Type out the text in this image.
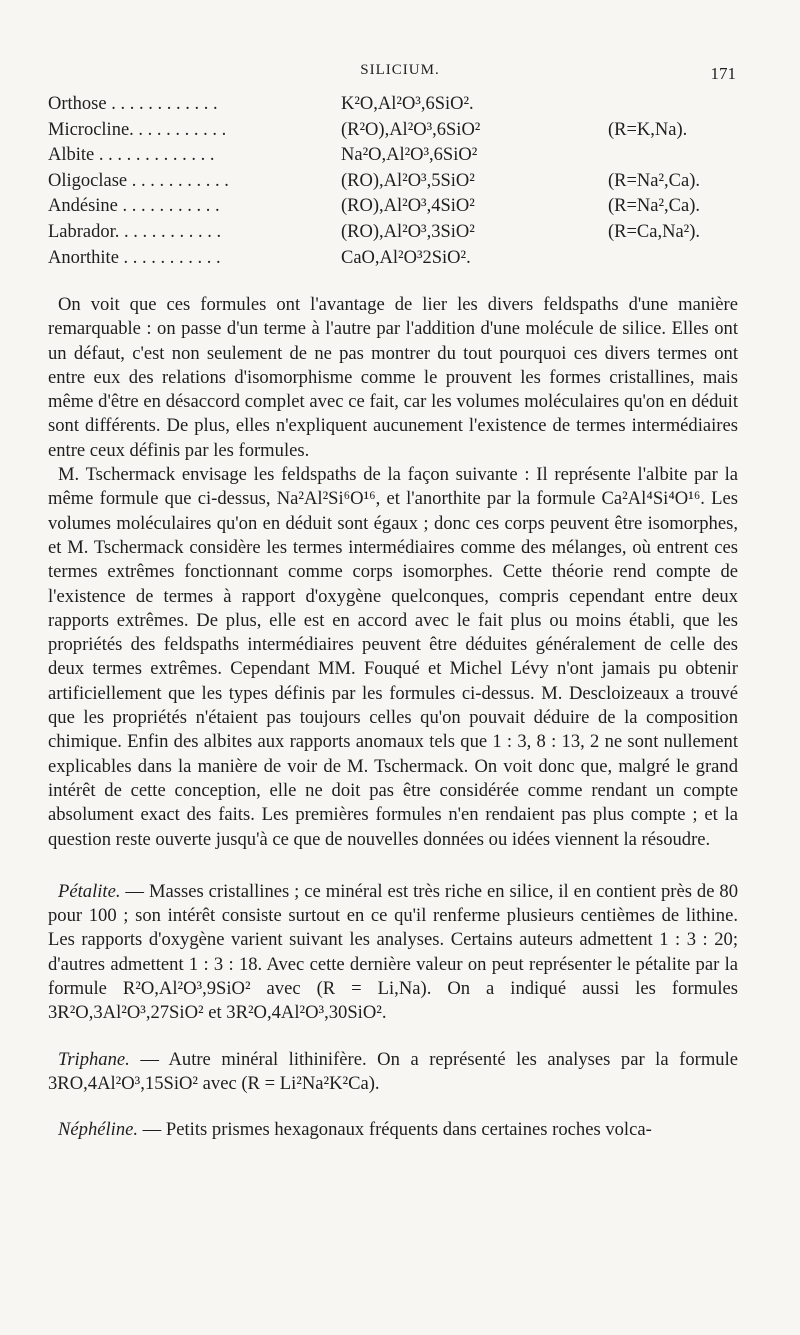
SILICIUM.	171
Orthose . . . . . . . . . . . .	K²O,Al²O³,6SiO².
Microcline. . . . . . . . . . .	(R²O),Al²O³,6SiO²	(R=K,Na).
Albite . . . . . . . . . . . . .	Na²O,Al²O³,6SiO²
Oligoclase . . . . . . . . . . .	(RO),Al²O³,5SiO²	(R=Na²,Ca).
Andésine . . . . . . . . . . .	(RO),Al²O³,4SiO²	(R=Na²,Ca).
Labrador. . . . . . . . . . . .	(RO),Al²O³,3SiO²	(R=Ca,Na²).
Anorthite . . . . . . . . . . .	CaO,Al²O³2SiO².

On voit que ces formules ont l'avantage de lier les divers feldspaths d'une manière remarquable : on passe d'un terme à l'autre par l'addition d'une molécule de silice. Elles ont un défaut, c'est non seulement de ne pas montrer du tout pourquoi ces divers termes ont entre eux des relations d'isomorphisme comme le prouvent les formes cristallines, mais même d'être en désaccord complet avec ce fait, car les volumes moléculaires qu'on en déduit sont différents. De plus, elles n'expliquent aucunement l'existence de termes intermédiaires entre ceux définis par les formules.

M. Tschermack envisage les feldspaths de la façon suivante : Il représente l'albite par la même formule que ci-dessus, Na²Al²Si⁶O¹⁶, et l'anorthite par la formule Ca²Al⁴Si⁴O¹⁶. Les volumes moléculaires qu'on en déduit sont égaux ; donc ces corps peuvent être isomorphes, et M. Tschermack considère les termes intermédiaires comme des mélanges, où entrent ces termes extrêmes fonctionnant comme corps isomorphes. Cette théorie rend compte de l'existence de termes à rapport d'oxygène quelconques, compris cependant entre deux rapports extrêmes. De plus, elle est en accord avec le fait plus ou moins établi, que les propriétés des feldspaths intermédiaires peuvent être déduites généralement de celle des deux termes extrêmes. Cependant MM. Fouqué et Michel Lévy n'ont jamais pu obtenir artificiellement que les types définis par les formules ci-dessus. M. Descloizeaux a trouvé que les propriétés n'étaient pas toujours celles qu'on pouvait déduire de la composition chimique. Enfin des albites aux rapports anomaux tels que 1 : 3, 8 : 13, 2 ne sont nullement explicables dans la manière de voir de M. Tschermack. On voit donc que, malgré le grand intérêt de cette conception, elle ne doit pas être considérée comme rendant un compte absolument exact des faits. Les premières formules n'en rendaient pas plus compte ; et la question reste ouverte jusqu'à ce que de nouvelles données ou idées viennent la résoudre.

Pétalite. — Masses cristallines ; ce minéral est très riche en silice, il en contient près de 80 pour 100 ; son intérêt consiste surtout en ce qu'il renferme plusieurs centièmes de lithine. Les rapports d'oxygène varient suivant les analyses. Certains auteurs admettent 1 : 3 : 20; d'autres admettent 1 : 3 : 18. Avec cette dernière valeur on peut représenter le pétalite par la formule R²O,Al²O³,9SiO² avec (R = Li,Na). On a indiqué aussi les formules 3R²O,3Al²O³,27SiO² et 3R²O,4Al²O³,30SiO².

Triphane. — Autre minéral lithinifère. On a représenté les analyses par la formule 3RO,4Al²O³,15SiO² avec (R = Li²Na²K²Ca).

Néphéline. — Petits prismes hexagonaux fréquents dans certaines roches volca-
